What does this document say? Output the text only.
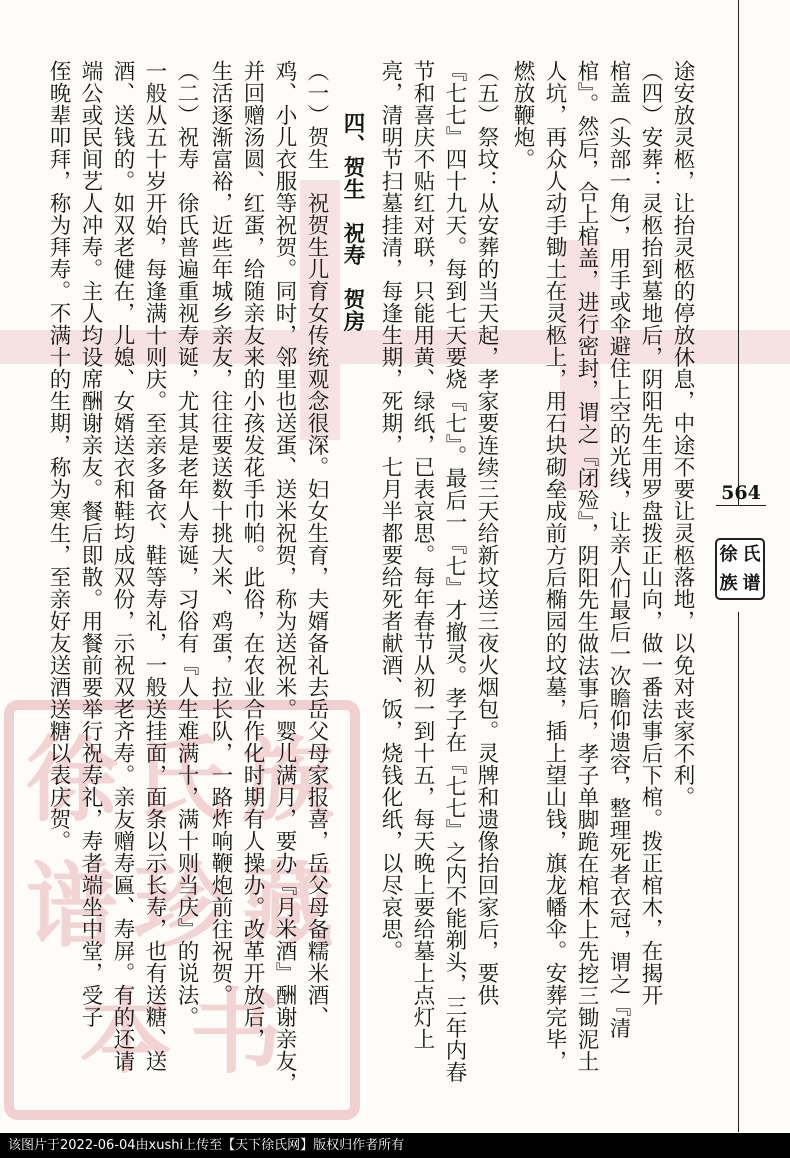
徐 氏 族
谱 珍 藏
本 书
564
徐 氏
族 谱
途安放灵柩，让抬灵柩的停放休息，中途不要让灵柩落地，以免对丧家不利。
（四）安葬：灵柩抬到墓地后，阴阳先生用罗盘拨正山向，做一番法事后下棺。拨正棺木，在揭开
棺盖（头部一角），用手或伞避住上空的光线，让亲人们最后一次瞻仰遗容，整理死者衣冠，谓之『清
棺』。然后，合上棺盖，进行密封，谓之『闭殓』，阴阳先生做法事后，孝子单脚跪在棺木上先挖三锄泥土
人坑，再众人动手锄土在灵柩上，用石块砌垒成前方后椭园的坟墓，插上望山钱，旗龙幡伞。安葬完毕，
燃放鞭炮。
（五）祭坟：从安葬的当天起，孝家要连续三天给新坟送三夜火烟包。灵牌和遗像抬回家后，要供
『七七』四十九天。每到七天要烧『七』。最后一『七』才撤灵。孝子在『七七』之内不能剃头，三年内春
节和喜庆不贴红对联，只能用黄、绿纸，已表哀思。每年春节从初一到十五，每天晚上要给墓上点灯上
亮，清明节扫墓挂清，每逢生期，死期，七月半都要给死者献酒、饭，烧钱化纸，以尽哀思。
四、贺生　祝寿　贺房
（一）贺生　祝贺生儿育女传统观念很深。妇女生育，夫婿备礼去岳父母家报喜，岳父母备糯米酒、
鸡、小儿衣服等祝贺。同时，邻里也送蛋、送米祝贺，称为送祝米。婴儿满月，要办『月米酒』酬谢亲友，
并回赠汤圆、红蛋，给随亲友来的小孩发花手巾帕。此俗，在农业合作化时期有人操办。改革开放后，
生活逐渐富裕，近些年城乡亲友，往往要送数十挑大米、鸡蛋，拉长队，一路炸响鞭炮前往祝贺。
（二）祝寿　徐氏普遍重视寿诞，尤其是老年人寿诞，习俗有『人生难满十，满十则当庆』的说法。
一般从五十岁开始，每逢满十则庆。至亲多备衣、鞋等寿礼，一般送挂面，面条以示长寿，也有送糖、送
酒、送钱的。如双老健在，儿媳、女婿送衣和鞋均成双份，示祝双老齐寿。亲友赠寿匾、寿屏。有的还请
端公或民间艺人冲寿。主人均设席酬谢亲友。餐后即散。用餐前要举行祝寿礼，寿者端坐中堂，受子
侄晚辈叩拜，称为拜寿。不满十的生期，称为寒生，至亲好友送酒送糖以表庆贺。
该图片于2022-06-04由xushi上传至【天下徐氏网】版权归作者所有
